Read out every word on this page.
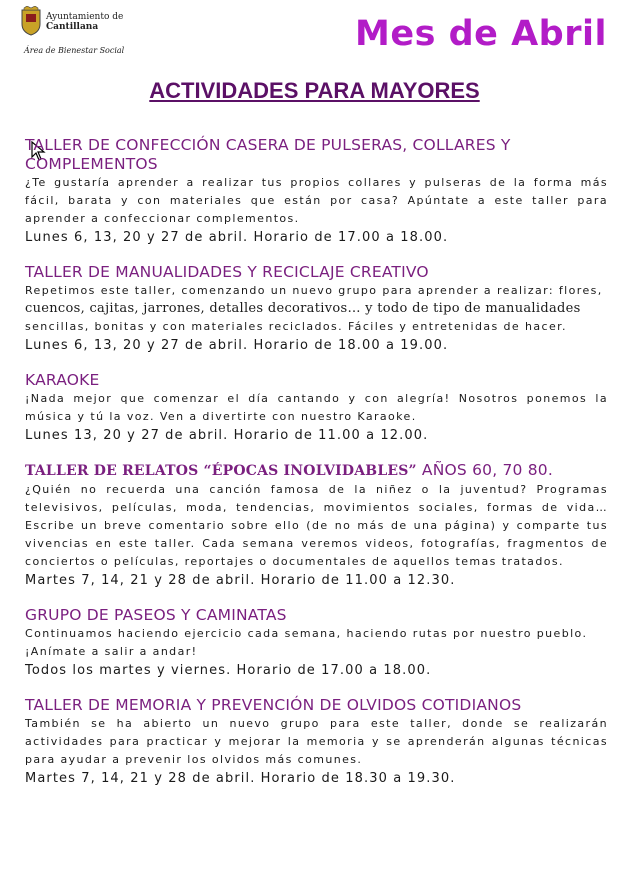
Ayuntamiento de
Cantillana
Área de Bienestar Social	Mes de Abril
ACTIVIDADES PARA MAYORES
TALLER DE CONFECCIÓN CASERA DE PULSERAS, COLLARES Y COMPLEMENTOS
¿Te gustaría aprender a realizar tus propios collares y pulseras de la forma más fácil, barata y con materiales que están por casa? Apúntate a este taller para aprender a confeccionar complementos.
Lunes 6, 13, 20 y 27 de abril. Horario de 17.00 a 18.00.
TALLER DE MANUALIDADES Y RECICLAJE CREATIVO
Repetimos este taller, comenzando un nuevo grupo para aprender a realizar: flores,
cuencos, cajitas, jarrones, detalles decorativos… y todo de tipo de manualidades
sencillas, bonitas y con materiales reciclados. Fáciles y entretenidas de hacer.
Lunes 6, 13, 20 y 27 de abril. Horario de 18.00 a 19.00.
KARAOKE
¡Nada mejor que comenzar el día cantando y con alegría! Nosotros ponemos la música y tú la voz. Ven a divertirte con nuestro Karaoke.
Lunes 13, 20 y 27 de abril. Horario de 11.00 a 12.00.
TALLER DE RELATOS “ÉPOCAS INOLVIDABLES” AÑOS 60, 70 80.
¿Quién no recuerda una canción famosa de la niñez o la juventud? Programas televisivos, películas, moda, tendencias, movimientos sociales, formas de vida… Escribe un breve comentario sobre ello (de no más de una página) y comparte tus vivencias en este taller. Cada semana veremos videos, fotografías, fragmentos de conciertos o películas, reportajes o documentales de aquellos temas tratados.
Martes 7, 14, 21 y 28 de abril. Horario de 11.00 a 12.30.
GRUPO DE PASEOS Y CAMINATAS
Continuamos haciendo ejercicio cada semana, haciendo rutas por nuestro pueblo.
¡Anímate a salir a andar!
Todos los martes y viernes. Horario de 17.00 a 18.00.
TALLER DE MEMORIA Y PREVENCIÓN DE OLVIDOS COTIDIANOS
También se ha abierto un nuevo grupo para este taller, donde se realizarán actividades para practicar y mejorar la memoria y se aprenderán algunas técnicas para ayudar a prevenir los olvidos más comunes.
Martes 7, 14, 21 y 28 de abril. Horario de 18.30 a 19.30.
